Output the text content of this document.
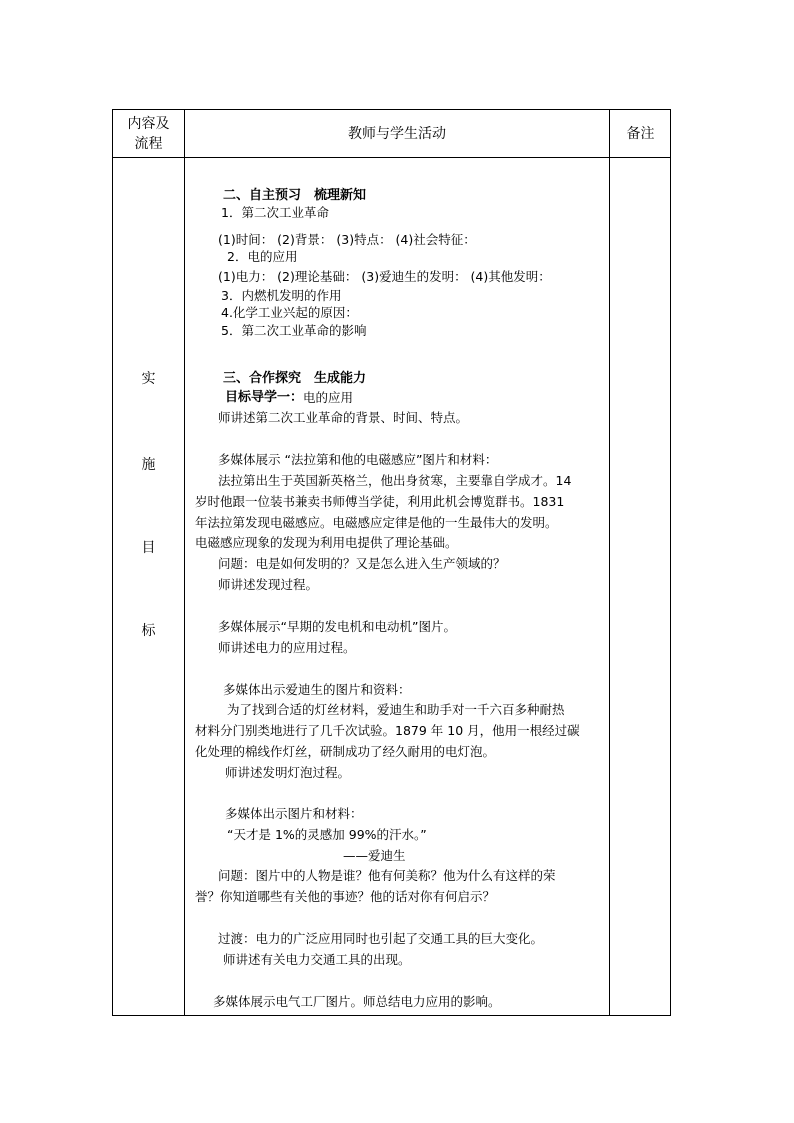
内容及流程
教师与学生活动	备注
实
施
目
标
二、自主预习　梳理新知
1．第二次工业革命
(1)时间： (2)背景： (3)特点： (4)社会特征：
2．电的应用
(1)电力： (2)理论基础： (3)爱迪生的发明： (4)其他发明：
3．内燃机发明的作用
4.化学工业兴起的原因：
5．第二次工业革命的影响
三、合作探究　生成能力
目标导学一： 电的应用
师讲述第二次工业革命的背景、时间、特点。
多媒体展示 “法拉第和他的电磁感应”图片和材料：
法拉第出生于英国新英格兰，他出身贫寒，主要靠自学成才。14
岁时他跟一位装书兼卖书师傅当学徒，利用此机会博览群书。1831
年法拉第发现电磁感应。电磁感应定律是他的一生最伟大的发明。
电磁感应现象的发现为利用电提供了理论基础。
问题：电是如何发明的？又是怎么进入生产领域的？
师讲述发现过程。
多媒体展示“早期的发电机和电动机”图片。
师讲述电力的应用过程。
多媒体出示爱迪生的图片和资料：
为了找到合适的灯丝材料，爱迪生和助手对一千六百多种耐热
材料分门别类地进行了几千次试验。1879 年 10 月，他用一根经过碳
化处理的棉线作灯丝，研制成功了经久耐用的电灯泡。
师讲述发明灯泡过程。
多媒体出示图片和材料：
“天才是 1%的灵感加 99%的汗水。”
——爱迪生
问题：图片中的人物是谁？他有何美称？他为什么有这样的荣
誉？你知道哪些有关他的事迹？他的话对你有何启示？
过渡：电力的广泛应用同时也引起了交通工具的巨大变化。
师讲述有关电力交通工具的出现。
多媒体展示电气工厂图片。师总结电力应用的影响。
